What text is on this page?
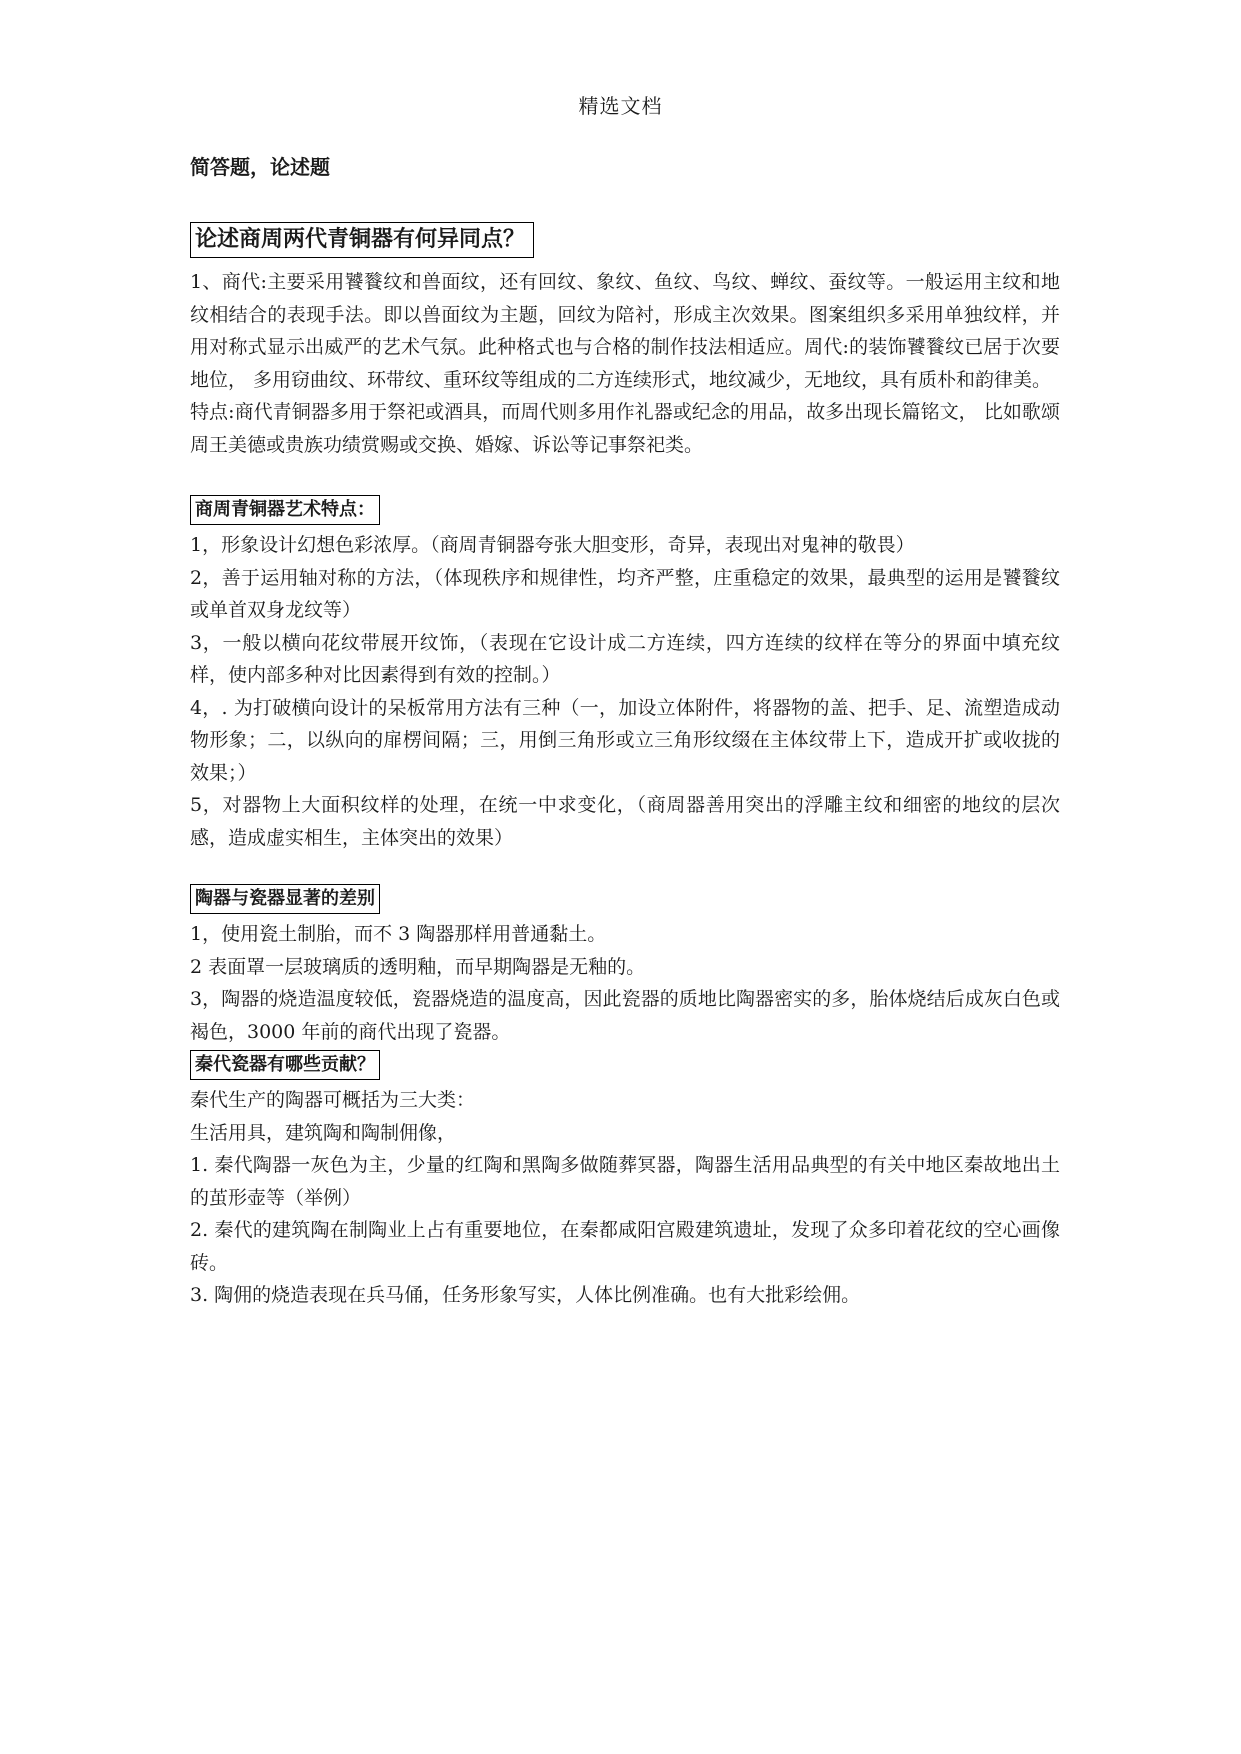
精选文档
简答题，论述题
论述商周两代青铜器有何异同点？

1、商代:主要采用饕餮纹和兽面纹，还有回纹、象纹、鱼纹、鸟纹、蝉纹、蚕纹等。一般运用主纹和地纹相结合的表现手法。即以兽面纹为主题，回纹为陪衬，形成主次效果。图案组织多采用单独纹样，并用对称式显示出威严的艺术气氛。此种格式也与合格的制作技法相适应。周代:的装饰饕餮纹已居于次要地位， 多用窃曲纹、环带纹、重环纹等组成的二方连续形式，地纹减少，无地纹，具有质朴和韵律美。

特点:商代青铜器多用于祭祀或酒具，而周代则多用作礼器或纪念的用品，故多出现长篇铭文， 比如歌颂周王美德或贵族功绩赏赐或交换、婚嫁、诉讼等记事祭祀类。

商周青铜器艺术特点：

1，形象设计幻想色彩浓厚。（商周青铜器夸张大胆变形，奇异，表现出对鬼神的敬畏）

2，善于运用轴对称的方法，（体现秩序和规律性，均齐严整，庄重稳定的效果，最典型的运用是饕餮纹或单首双身龙纹等）

3，一般以横向花纹带展开纹饰，（表现在它设计成二方连续，四方连续的纹样在等分的界面中填充纹样，使内部多种对比因素得到有效的控制。）

4，. 为打破横向设计的呆板常用方法有三种（一，加设立体附件，将器物的盖、把手、足、流塑造成动物形象；二，以纵向的扉楞间隔；三，用倒三角形或立三角形纹缀在主体纹带上下，造成开扩或收拢的效果；）

5，对器物上大面积纹样的处理，在统一中求变化，（商周器善用突出的浮雕主纹和细密的地纹的层次感，造成虚实相生，主体突出的效果）

陶器与瓷器显著的差别

1，使用瓷土制胎，而不 3 陶器那样用普通黏土。

2 表面罩一层玻璃质的透明釉，而早期陶器是无釉的。

3，陶器的烧造温度较低，瓷器烧造的温度高，因此瓷器的质地比陶器密实的多，胎体烧结后成灰白色或褐色，3000 年前的商代出现了瓷器。

秦代瓷器有哪些贡献？

秦代生产的陶器可概括为三大类：

生活用具，建筑陶和陶制佣像，

1. 秦代陶器一灰色为主，少量的红陶和黑陶多做随葬冥器，陶器生活用品典型的有关中地区秦故地出土的茧形壶等（举例）

2. 秦代的建筑陶在制陶业上占有重要地位，在秦都咸阳宫殿建筑遗址，发现了众多印着花纹的空心画像砖。

3. 陶佣的烧造表现在兵马俑，任务形象写实，人体比例准确。也有大批彩绘佣。
